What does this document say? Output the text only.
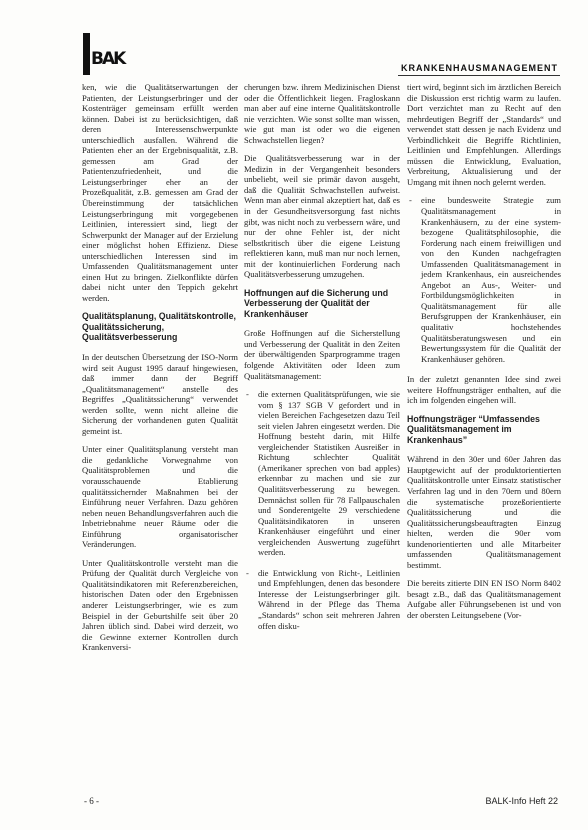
BAK	KRANKENHAUSMANAGEMENT

ken, wie die Qualitätserwartungen der Patienten, der Leistungserbringer und der Kostenträger gemeinsam erfüllt werden können. Dabei ist zu berücksichtigen, daß deren Interessenschwerpunkte unterschiedlich ausfallen. Während die Patienten eher an der Ergebnisqualität, z.B. gemessen am Grad der Patientenzufriedenheit, und die Leistungserbringer eher an der Prozeßqualität, z.B. gemessen am Grad der Übereinstimmung der tatsächlichen Leistungserbringung mit vorgegebenen Leitlinien, interessiert sind, liegt der Schwerpunkt der Manager auf der Erzielung einer möglichst hohen Effizienz. Diese unterschiedlichen Interessen sind im Umfassenden Qualitätsmanagement unter einen Hut zu bringen. Zielkonflikte dürfen dabei nicht unter den Teppich gekehrt werden.

Qualitätsplanung, Qualitätskontrolle, Qualitätssicherung, Qualitätsverbesserung

In der deutschen Übersetzung der ISO-Norm wird seit August 1995 darauf hingewiesen, daß immer dann der Begriff „Qualitätsmanagement“ anstelle des Begriffes „Qualitätssicherung“ verwendet werden sollte, wenn nicht alleine die Sicherung der vorhandenen guten Qualität gemeint ist.

Unter einer Qualitätsplanung versteht man die gedankliche Vorwegnahme von Qualitätsproblemen und die vorausschauende Etablierung qualitätssichernder Maßnahmen bei der Einführung neuer Verfahren. Dazu gehören neben neuen Behandlungsverfahren auch die Inbetriebnahme neuer Räume oder die Einführung organisatorischer Veränderungen.

Unter Qualitätskontrolle versteht man die Prüfung der Qualität durch Vergleiche von Qualitätsindikatoren mit Referenzbereichen, historischen Daten oder den Ergebnissen anderer Leistungserbringer, wie es zum Beispiel in der Geburtshilfe seit über 20 Jahren üblich sind. Dabei wird derzeit, wo die Gewinne externer Kontrollen durch Krankenversi-

cherungen bzw. ihrem Medizinischen Dienst oder die Öffentlichkeit liegen. Fragloskann man aber auf eine interne Qualitätskontrolle nie verzichten. Wie sonst sollte man wissen, wie gut man ist oder wo die eigenen Schwachstellen liegen?

Die Qualitätsverbesserung war in der Medizin in der Vergangenheit besonders unbeliebt, weil sie primär davon ausgeht, daß die Qualität Schwachstellen aufweist. Wenn man aber einmal akzeptiert hat, daß es in der Gesundheitsversorgung fast nichts gibt, was nicht noch zu verbessern wäre, und nur der ohne Fehler ist, der nicht selbstkritisch über die eigene Leistung reflektieren kann, muß man nur noch lernen, mit der kontinuierlichen Forderung nach Qualitätsverbesserung umzugehen.

Hoffnungen auf die Sicherung und Verbesserung der Qualität der Krankenhäuser

Große Hoffnungen auf die Sicherstellung und Verbesserung der Qualität in den Zeiten der überwältigenden Sparprogramme tragen folgende Aktivitäten oder Ideen zum Qualitätsmanagement:

- die externen Qualitätsprüfungen, wie sie vom § 137 SGB V gefordert und in vielen Bereichen Fachgesetzen dazu Teil seit vielen Jahren eingesetzt werden. Die Hoffnung besteht darin, mit Hilfe vergleichender Statistiken Ausreißer in Richtung schlechter Qualität (Amerikaner sprechen von bad apples) erkennbar zu machen und sie zur Qualitätsverbesserung zu bewegen. Demnächst sollen für 78 Fallpauschalen und Sonderentgelte 29 verschiedene Qualitätsindikatoren in unseren Krankenhäuser eingeführt und einer vergleichenden Auswertung zugeführt werden.
- die Entwicklung von Richt-, Leitlinien und Empfehlungen, denen das besondere Interesse der Leistungserbringer gilt. Während in der Pflege das Thema „Standards“ schon seit mehreren Jahren offen disku-

tiert wird, beginnt sich im ärztlichen Bereich die Diskussion erst richtig warm zu laufen. Dort verzichtet man zu Recht auf den mehrdeutigen Begriff der „Standards“ und verwendet statt dessen je nach Evidenz und Verbindlichkeit die Begriffe Richtlinien, Leitlinien und Empfehlungen. Allerdings müssen die Entwicklung, Evaluation, Verbreitung, Aktualisierung und der Umgang mit ihnen noch gelernt werden.

- eine bundesweite Strategie zum Qualitätsmanagement in Krankenhäusern, zu der eine system-bezogene Qualitätsphilosophie, die Forderung nach einem freiwilligen und von den Kunden nachgefragten Umfassenden Qualitätsmanagement in jedem Krankenhaus, ein ausreichendes Angebot an Aus-, Weiter- und Fortbildungsmöglichkeiten in Qualitätsmanagement für alle Berufsgruppen der Krankenhäuser, ein qualitativ hochstehendes Qualitätsberatungswesen und ein Bewertungssystem für die Qualität der Krankenhäuser gehören.

In der zuletzt genannten Idee sind zwei weitere Hoffnungsträger enthalten, auf die ich im folgenden eingehen will.

Hoffnungsträger “Umfassendes Qualitätsmanagement im Krankenhaus”

Während in den 30er und 60er Jahren das Hauptgewicht auf der produktorientierten Qualitätskontrolle unter Einsatz statistischer Verfahren lag und in den 70ern und 80ern die systematische prozeßorientierte Qualitätssicherung und die Qualitätssicherungsbeauftragten Einzug hielten, werden die 90er vom kundenorientierten und alle Mitarbeiter umfassenden Qualitätsmanagement bestimmt.

Die bereits zitierte DIN EN ISO Norm 8402 besagt z.B., daß das Qualitätsmanagement Aufgabe aller Führungsebenen ist und von der obersten Leitungsebene (Vor-

- 6 -	BALK-Info Heft 22
